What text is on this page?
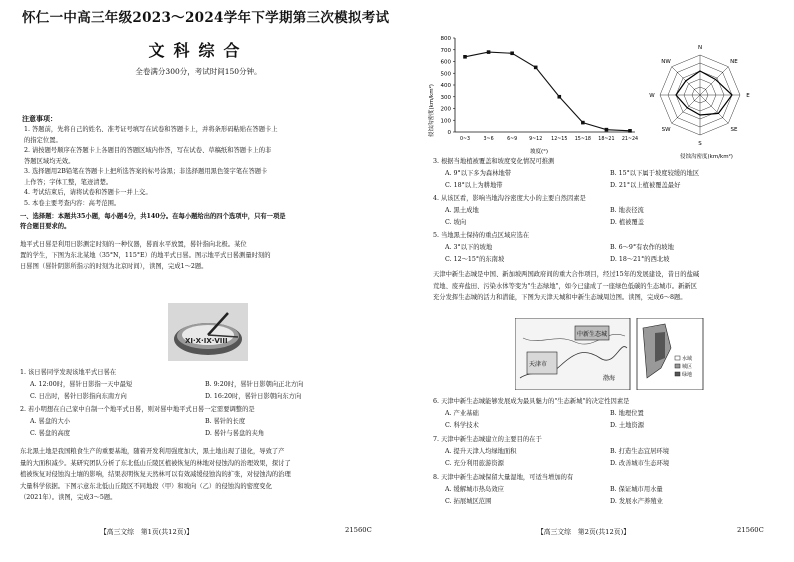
怀仁一中高三年级2023～2024学年下学期第三次模拟考试
文科综合
全卷满分300分，考试时间150分钟。
注意事项：
1. 答题前，先将自己的姓名、准考证号填写在试卷和答题卡上，并将条形码粘贴在答题卡上
的指定位置。
2. 请按题号顺序在答题卡上各题目的答题区域内作答，写在试卷、草稿纸和答题卡上的非
答题区域均无效。
3. 选择题用2B铅笔在答题卡上把所选答案的标号涂黑；非选择题用黑色签字笔在答题卡
上作答；字体工整，笔迹清楚。
4. 考试结束后，请将试卷和答题卡一并上交。
5. 本卷主要考查内容：高考范围。
一、选择题：本题共35小题，每小题4分，共140分。在每小题给出的四个选项中，只有一项是
符合题目要求的。
地平式日晷是利用日影测定时刻的一种仪器，晷面水平放置，晷针指向北极。某位
置的学生，下图为东北某地（35°N，115°E）的地平式日晷。图示地平式日晷测量时刻的
日晷图（晷针阴影所指示的时刻为北京时间），读图，完成1～2题。
XI·X·IX·VIII
1. 该日晷同学发现该地平式日晷在
A. 12:00时，晷针日影指一天中最短	B. 9:20时，晷针日影朝向正北方向
C. 日出时，晷针日影指向东南方向	D. 16:20时，晷针日影朝向东方向
2. 若小明想在自己家中自制一个地平式日晷，则对晷中地平式日晷一定需要调整的是
A. 晷盘的大小	B. 晷针的长度
C. 晷盘的高度	D. 晷针与晷盘的夹角
东北黑土地是我国粮食生产的重要基地，随着开发利用强度加大，黑土地出现了退化，导致了产
量的大面积减少。某研究团队分析了东北低山丘陵区植被恢复的林地对侵蚀沟的治理效果，探讨了
植被恢复对侵蚀沟土壤的影响，结果表明恢复天然林可以有效减缓侵蚀沟的扩张，对侵蚀沟的治理
大量科学依据。下图示意东北低山丘陵区不同地段（甲）和坡向（乙）的侵蚀沟的密度变化
（2021年）。读图，完成3～5题。
【高三文综　第1页(共12页)】	21560C
0
100
200
300
400
500
600
700
800
0~3	3~6	6~9 9~12 12~15 15~18 18~21 21~24
侵蚀沟密度(km/km²)
坡度(°)
N
NE
E
SE
S
SW
W
NW
侵蚀沟密度(km/km²)
3. 根据当地植被覆盖和坡度变化情况可推测
A. 9°以下多为森林地带	B. 15°以下属于坡度较缓的地区
C. 18°以上为耕地带	D. 21°以上植被覆盖最好
4. 从该区看，影响当地沟谷密度大小的主要自然因素是
A. 黑土成地	B. 地表径流
C. 坡向	D. 植被覆盖
5. 当地黑土保持的重点区域应选在
A. 3°以下的坡地	B. 6～9°有农作的坡地
C. 12～15°的东南坡	D. 18～21°的西北坡
天津中新生态城是中国、新加坡两国政府间的重大合作项目，经过15年的发展建设，昔日的盐碱
荒地、废弃盐田、污染水体等变为"生态绿地"，如今已建成了一座绿色低碳的生态城市。新新区
充分发挥生态城的活力和潜能，下图为天津天城和中新生态城周边图。读图，完成6～8题。
中新生态城
天津市
渤海
水域
城区
绿地
6. 天津中新生态城能够发展成为最具魅力的"生态新城"的决定性因素是
A. 产业基础	B. 地理位置
C. 科学技术	D. 土地资源
7. 天津中新生态城建立的主要目的在于
A. 提升天津人均绿地面积	B. 打造生态宜居环境
C. 充分利用旅游资源	D. 改善城市生态环境
8. 天津中新生态城保留大量湿地，可适当增加的有
A. 缓解城市热岛效应	B. 保证城市用水量
C. 拓展城区范围	D. 发展水产养殖业
【高三文综　第2页(共12页)】	21560C
